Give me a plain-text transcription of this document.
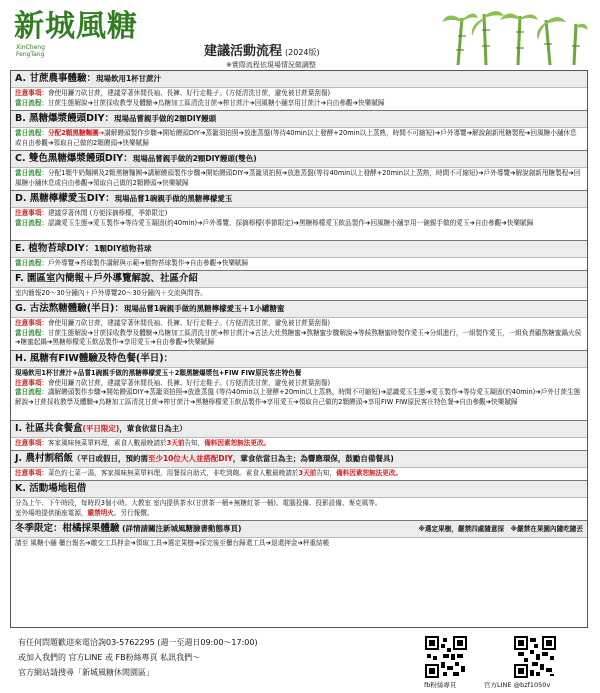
新城風糖
XinCheng
FengTang	建議活動流程 (2024版)
※實際流程依現場情況做調整
A. 甘蔗農事體驗：現場飲用1杯甘蔗汁
注意事項：會使用鐮刀砍甘蔗，建議穿著休閒長袖、長褲、好行走鞋子。(方便清洗甘蔗，避免被甘蔗葉刮傷)
當日流程：甘蔗生態解說➔甘蔗採收教學及體驗➔烏糖加工區清洗甘蔗➔榨甘蔗汁➔回風糖小舖享用甘蔗汁➔自由參觀➔快樂賦歸
B. 黑糖爆漿饅頭DIY：現場品嘗親手做的2顆DIY饅頭
當日流程：分配2顆黑糖麵團➔講解饅頭製作步驟➔開始饅頭DIY➔蒸籠須拍照➔放進蒸盤(等待40min以上發酵+20min以上蒸熟，時間不可縮短)➔戶外導覽➔解說創新甩糖製程➔回風糖小舖休息或自由參觀➔領取自己做的2顆饅頭➔快樂賦歸
C. 雙色黑糖爆漿饅頭DIY：現場品嘗親手做的2顆DIY饅頭(雙色)
當日流程：分配1顆牛奶麵團及2顆黑糖麵團➔講解饅頭製作步驟➔開始饅頭DIY➔蒸籠須拍照➔放進蒸盤(等待40min以上發酵+20min以上蒸熟，時間不可縮短)➔戶外導覽➔解說創新甩糖製程➔回風糖小舖休息或自由參觀➔領取自己做的2顆饅頭➔快樂賦歸
D. 黑糖檸檬愛玉DIY：現場品嘗1碗親手做的黑糖檸檬愛玉
注意事項：建議穿著休閒 (方便採摘檸檬，季節限定)
當日流程：認識愛玉生態➔愛玉製作➔等待愛玉凝固(約40min)➔戶外導覽、採摘檸檬(季節限定)➔黑糖檸檬愛玉飲品製作➔回風糖小舖享用一碗親手做的愛玉➔自由參觀➔快樂賦歸
E. 植物苔球DIY：1顆DIY植物苔球
當日流程：戶外導覽➔苔球製作講解與示範➔植物苔球製作➔自由參觀➔快樂賦歸
F. 園區室內簡報＋戶外導覽解說、社區介紹
室內簡報20～30分鐘內＋戶外導覽20～30分鐘內＋交流與問答。
G. 古法熬糖體驗(半日)：現場品嘗1碗親手做的黑糖檸檬愛玉＋1小罐糖蜜
注意事項：會使用鐮刀砍甘蔗，建議穿著休閒長袖、長褲、好行走鞋子。(方便清洗甘蔗，避免被甘蔗葉刮傷)
當日流程：甘蔗生態解說➔甘蔗採收教學及體驗➔烏糖加工區清洗甘蔗➔榨甘蔗汁➔古法大灶熬糖蜜➔熬糖蜜步驟解說➔等候熬糖蜜時製作愛玉➔分組進行，一組製作愛玉，一組負責顧熬糖蜜鍋火侯➔糖蜜起鍋➔黑糖檸檬愛玉飲品製作➔享用愛玉➔自由參觀➔快樂賦歸
H. 風糖有FIW體驗及特色餐(半日)：
現場飲用1杯甘蔗汁+品嘗1碗親手做的黑糖檸檬愛玉＋2顆黑糖爆漿包+FIW FIW原民客庄特色餐
注意事項：會使用鐮刀砍甘蔗，建議穿著休閒長袖、長褲、好行走鞋子。(方便清洗甘蔗，避免被甘蔗葉刮傷)
當日流程：講解饅頭製作步驟➔開始饅頭DIY➔蒸籠須拍照➔放進蒸盤 (等待40min以上發酵+20min以上蒸熟，時間不可縮短)➔認識愛玉生態➔愛玉製作➔等待愛玉凝固(約40min)➔戶外甘蔗生態解說➔甘蔗採收教學及體驗➔烏糖加工區清洗甘蔗➔榨甘蔗汁➔黑糖檸檬愛玉飲品製作➔享用愛玉➔領取自己做的2顆饅頭➔享用FIW FIW原民客庄特色餐➔自由參觀➔快樂賦歸
I. 社區共食餐盒(平日限定)，葷食依當日為主）
注意事項：客家風味無菜單料理，素食人數最晚請於3天前告知，備料因素恕無法更改。
J. 農村割稻飯（平日或假日，預約需至少10位大人並搭配DIY，葷食依當日為主；為響應環保，鼓勵自備餐具)
注意事項：菜色約七菜一湯，客家風味無菜單料理，用餐採自助式，非吃到飽。素食人數最晚請於3天前告知，備料因素恕無法更改。
K. 活動場地租借
分為上午、下午時段，每時段3個小時。大教室 室內提供茶水(甘蔗茶一桶+無糖紅茶一桶)、電腦投備、投影設備、麥克風等。
室外場地提供插座電源，嚴禁明火。另行報價。
※選定果樹，嚴禁四處隨意採　※嚴禁在果園內隨吃隨丟
冬季限定：柑橘採果體驗 (詳情請關注新城風糖臉書動態專頁)
請至 風糖小舖 櫃台報名➔繳交工具押金➔領取工具➔選定果樹➔採完後至櫃台歸還工具➔退還押金➔秤重結帳
有任何問題歡迎來電洽詢03-5762295 (週一至週日09:00～17:00)
或加入我們的 官方LINE 或 FB粉絲專頁 私訊我們～
官方網站請搜尋「新城風糖休閒園區」
fb粉絲專頁	官方LINE @bzf1050v
